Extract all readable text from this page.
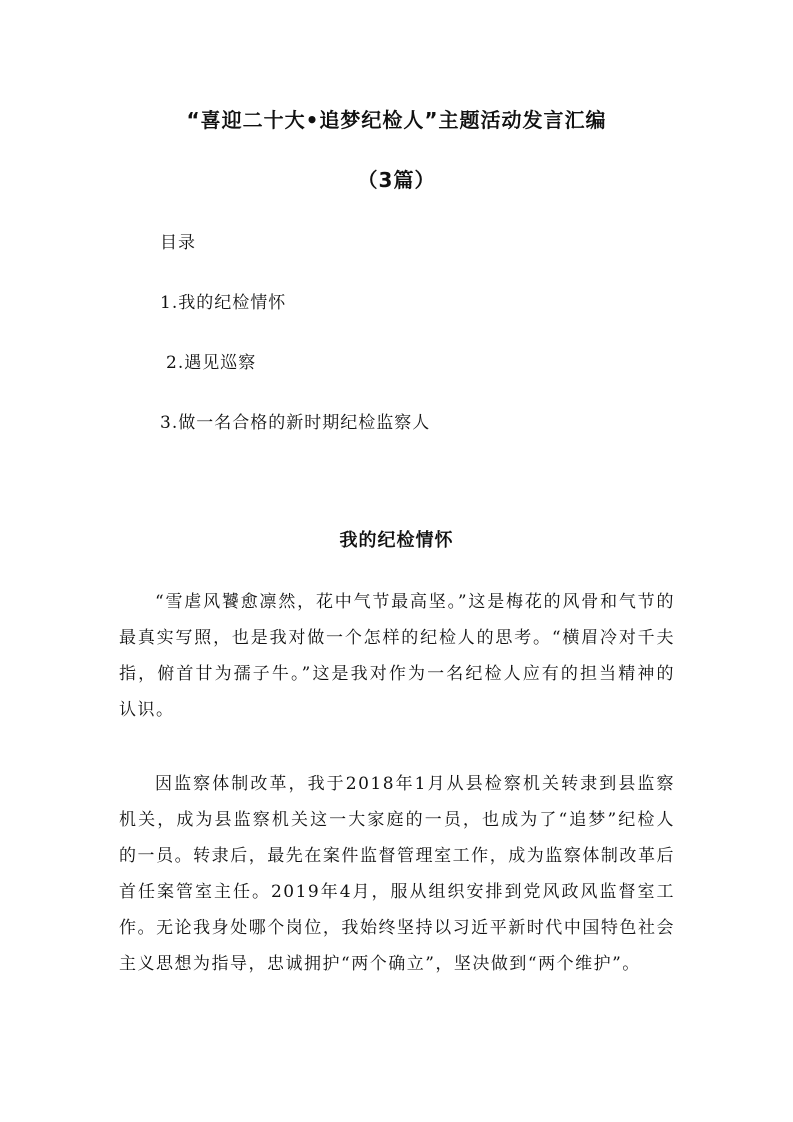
“喜迎二十大•追梦纪检人”主题活动发言汇编
（3篇）
目录
1.我的纪检情怀
2.遇见巡察
3.做一名合格的新时期纪检监察人
我的纪检情怀

“雪虐风饕愈凛然，花中气节最高坚。”这是梅花的风骨和气节的最真实写照，也是我对做一个怎样的纪检人的思考。“横眉冷对千夫指，俯首甘为孺子牛。”这是我对作为一名纪检人应有的担当精神的认识。

因监察体制改革，我于2018年1月从县检察机关转隶到县监察机关，成为县监察机关这一大家庭的一员，也成为了“追梦”纪检人的一员。转隶后，最先在案件监督管理室工作，成为监察体制改革后首任案管室主任。2019年4月，服从组织安排到党风政风监督室工作。无论我身处哪个岗位，我始终坚持以习近平新时代中国特色社会主义思想为指导，忠诚拥护“两个确立”，坚决做到“两个维护”。
